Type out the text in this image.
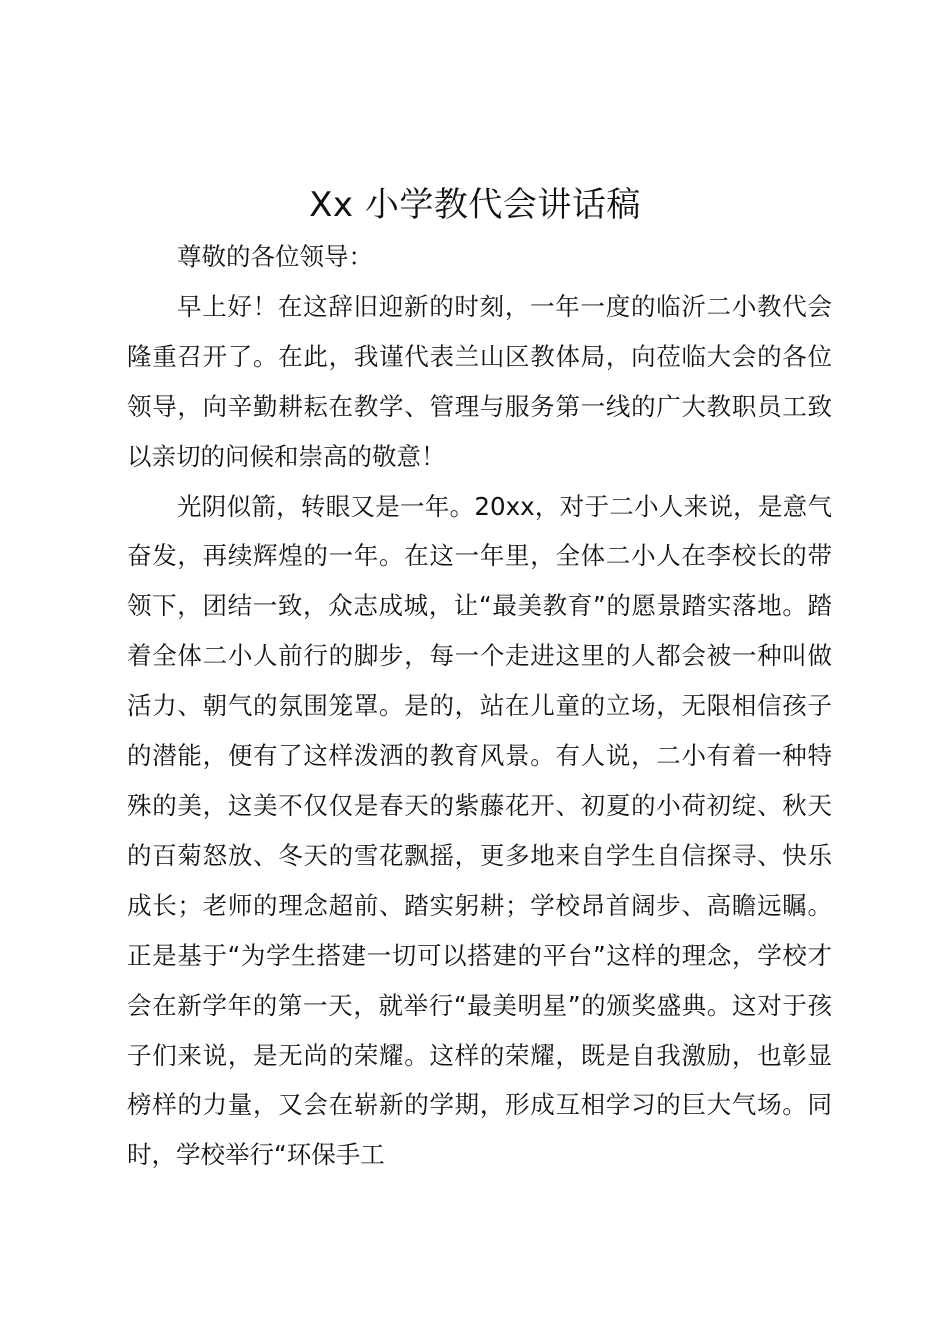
Xx 小学教代会讲话稿

尊敬的各位领导：

早上好！在这辞旧迎新的时刻，一年一度的临沂二小教代会隆重召开了。在此，我谨代表兰山区教体局，向莅临大会的各位领导，向辛勤耕耘在教学、管理与服务第一线的广大教职员工致以亲切的问候和崇高的敬意！

光阴似箭，转眼又是一年。20xx，对于二小人来说，是意气奋发，再续辉煌的一年。在这一年里，全体二小人在李校长的带领下，团结一致，众志成城，让“最美教育”的愿景踏实落地。踏着全体二小人前行的脚步，每一个走进这里的人都会被一种叫做活力、朝气的氛围笼罩。是的，站在儿童的立场，无限相信孩子的潜能，便有了这样泼洒的教育风景。有人说，二小有着一种特殊的美，这美不仅仅是春天的紫藤花开、初夏的小荷初绽、秋天的百菊怒放、冬天的雪花飘摇，更多地来自学生自信探寻、快乐成长；老师的理念超前、踏实躬耕；学校昂首阔步、高瞻远瞩。正是基于“为学生搭建一切可以搭建的平台”这样的理念，学校才会在新学年的第一天，就举行“最美明星”的颁奖盛典。这对于孩子们来说，是无尚的荣耀。这样的荣耀，既是自我激励，也彰显榜样的力量，又会在崭新的学期，形成互相学习的巨大气场。同时，学校举行“环保手工
